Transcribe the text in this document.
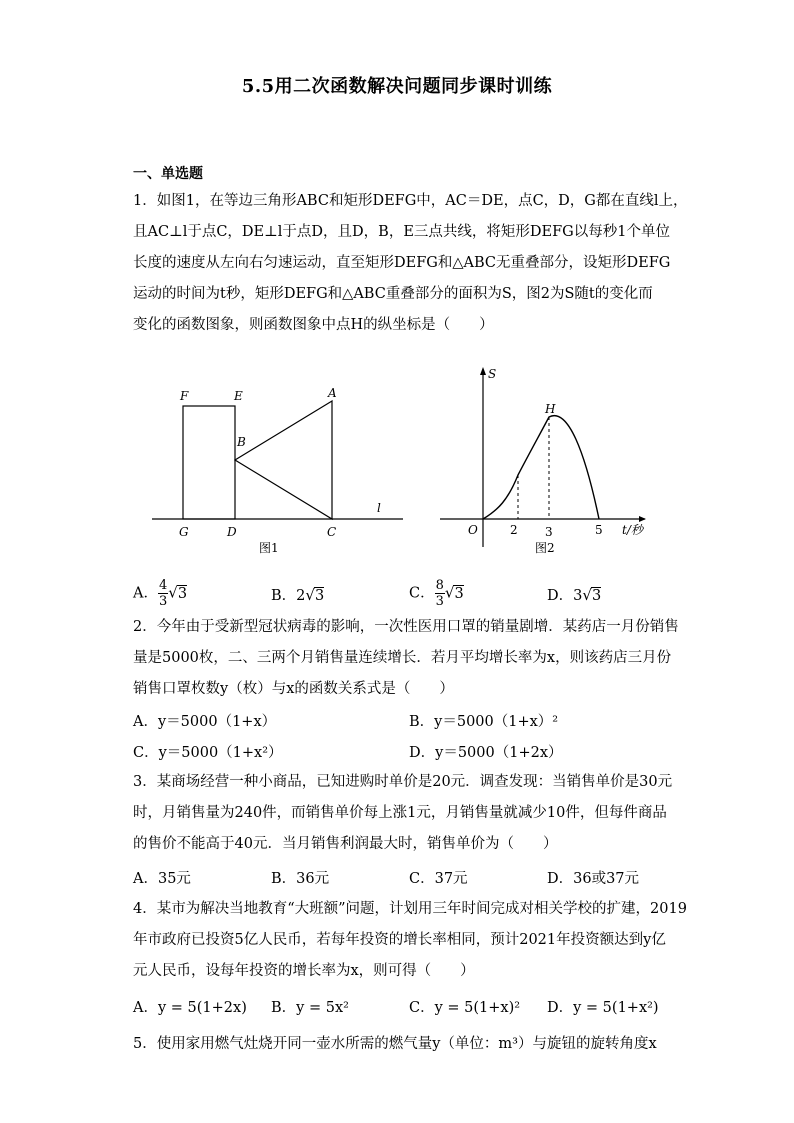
5.5用二次函数解决问题同步课时训练
一、单选题
1．如图1，在等边三角形ABC和矩形DEFG中，AC＝DE，点C，D，G都在直线l上，
且AC⊥l于点C，DE⊥l于点D，且D，B，E三点共线，将矩形DEFG以每秒1个单位
长度的速度从左向右匀速运动，直至矩形DEFG和△ABC无重叠部分，设矩形DEFG
运动的时间为t秒，矩形DEFG和△ABC重叠部分的面积为S，图2为S随t的变化而
变化的函数图象，则函数图象中点H的纵坐标是（　　）
F	E	A
B
G	D	C
l
图1
S
H
O	2 3	5 t/秒
图2
A． $\frac{4}{3} √3$	B．2√3	C． $\frac{8}{3} √3$	D．3√3
2．今年由于受新型冠状病毒的影响，一次性医用口罩的销量剧增．某药店一月份销售
量是5000枚，二、三两个月销售量连续增长．若月平均增长率为x，则该药店三月份
销售口罩枚数y（枚）与x的函数关系式是（　　）
A．y＝5000（1+x）	B．y＝5000（1+x）²
C．y＝5000（1+x²）	D．y＝5000（1+2x）
3．某商场经营一种小商品，已知进购时单价是20元．调查发现：当销售单价是30元
时，月销售量为240件，而销售单价每上涨1元，月销售量就减少10件，但每件商品
的售价不能高于40元．当月销售利润最大时，销售单价为（　　）
A．35元	B．36元	C．37元	D．36或37元
4．某市为解决当地教育“大班额”问题，计划用三年时间完成对相关学校的扩建，2019
年市政府已投资5亿人民币，若每年投资的增长率相同，预计2021年投资额达到y亿
元人民币，设每年投资的增长率为x，则可得（　　）
A．y = 5(1+2x) B．y = 5x²	C．y = 5(1+x)² D．y = 5(1+x²)
5．使用家用燃气灶烧开同一壶水所需的燃气量y（单位：m³）与旋钮的旋转角度x
